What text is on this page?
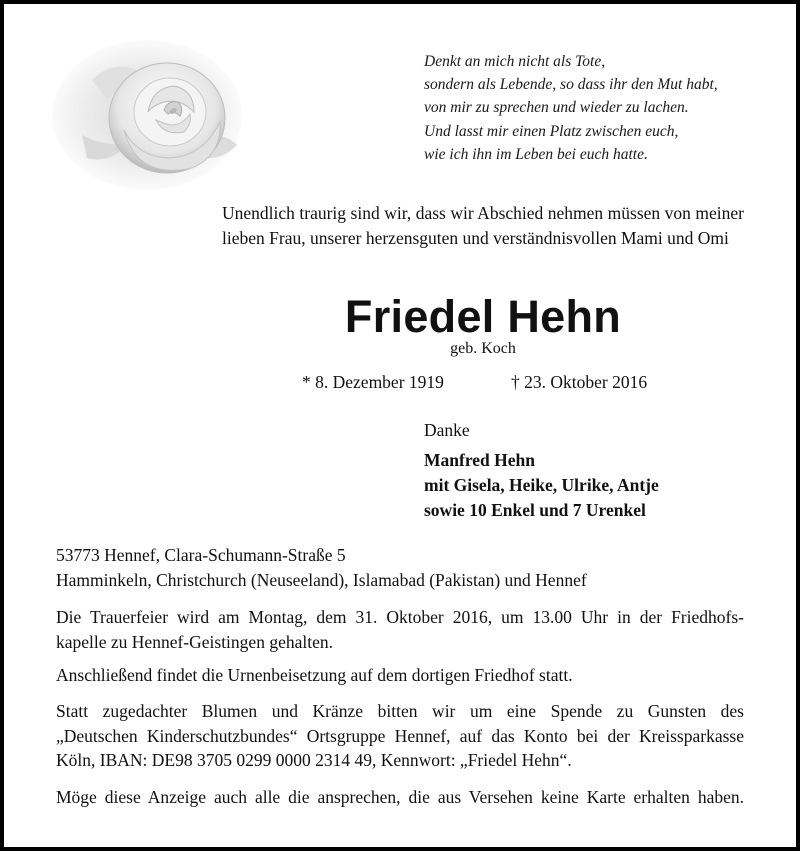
Denkt an mich nicht als Tote,
sondern als Lebende, so dass ihr den Mut habt,
von mir zu sprechen und wieder zu lachen.
Und lasst mir einen Platz zwischen euch,
wie ich ihn im Leben bei euch hatte.
Unendlich traurig sind wir, dass wir Abschied nehmen müssen von meiner lieben Frau, unserer herzensguten und verständnisvollen Mami und Omi
Friedel Hehn
geb. Koch
* 8. Dezember 1919	† 23. Oktober 2016
Danke
Manfred Hehn
mit Gisela, Heike, Ulrike, Antje
sowie 10 Enkel und 7 Urenkel
53773 Hennef, Clara-Schumann-Straße 5
Hamminkeln, Christchurch (Neuseeland), Islamabad (Pakistan) und Hennef
Die Trauerfeier wird am Montag, dem 31. Oktober 2016, um 13.00 Uhr in der Friedhofs-
kapelle zu Hennef-Geistingen gehalten.
Anschließend findet die Urnenbeisetzung auf dem dortigen Friedhof statt.
Statt zugedachter Blumen und Kränze bitten wir um eine Spende zu Gunsten des
„Deutschen Kinderschutzbundes“ Ortsgruppe Hennef, auf das Konto bei der Kreissparkasse
Köln, IBAN: DE98 3705 0299 0000 2314 49, Kennwort: „Friedel Hehn“.
Möge diese Anzeige auch alle die ansprechen, die aus Versehen keine Karte erhalten haben.
